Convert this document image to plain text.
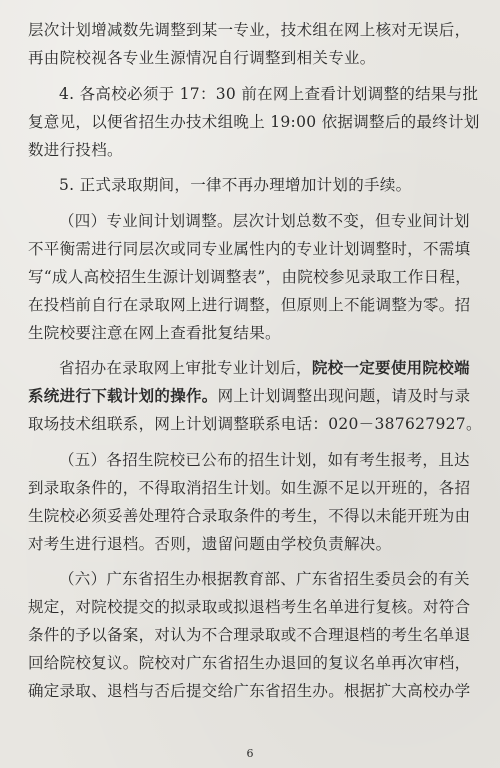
层次计划增减数先调整到某一专业，技术组在网上核对无误后，
再由院校视各专业生源情况自行调整到相关专业。

4. 各高校必须于 17：30 前在网上查看计划调整的结果与批
复意见，以便省招生办技术组晚上 19:00 依据调整后的最终计划
数进行投档。

5. 正式录取期间，一律不再办理增加计划的手续。

（四）专业间计划调整。层次计划总数不变，但专业间计划
不平衡需进行同层次或同专业属性内的专业计划调整时，不需填
写“成人高校招生生源计划调整表”，由院校参见录取工作日程，
在投档前自行在录取网上进行调整，但原则上不能调整为零。招
生院校要注意在网上查看批复结果。

省招办在录取网上审批专业计划后，院校一定要使用院校端
系统进行下载计划的操作。网上计划调整出现问题，请及时与录
取场技术组联系，网上计划调整联系电话：020－387627927。

（五）各招生院校已公布的招生计划，如有考生报考，且达
到录取条件的，不得取消招生计划。如生源不足以开班的，各招
生院校必须妥善处理符合录取条件的考生，不得以未能开班为由
对考生进行退档。否则，遗留问题由学校负责解决。

（六）广东省招生办根据教育部、广东省招生委员会的有关
规定，对院校提交的拟录取或拟退档考生名单进行复核。对符合
条件的予以备案，对认为不合理录取或不合理退档的考生名单退
回给院校复议。院校对广东省招生办退回的复议名单再次审档，
确定录取、退档与否后提交给广东省招生办。根据扩大高校办学

6
